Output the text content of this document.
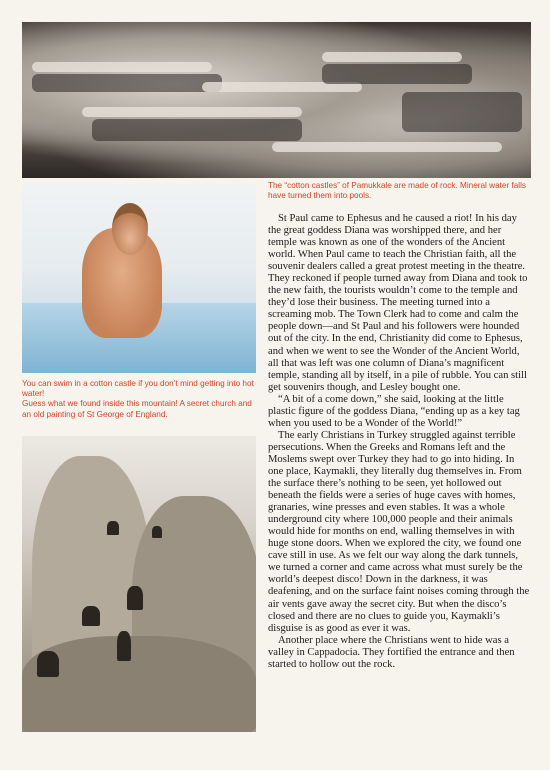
The “cotton castles” of Pamukkale are made of rock. Mineral water falls have turned them into pools.
You can swim in a cotton castle if you don’t mind getting into hot water!
Guess what we found inside this mountain! A secret church and an old painting of St George of England.

St Paul came to Ephesus and he caused a riot! In his day the great goddess Diana was worshipped there, and her temple was known as one of the wonders of the Ancient world. When Paul came to teach the Christian faith, all the souvenir dealers called a great protest meeting in the theatre. They reckoned if people turned away from Diana and took to the new faith, the tourists wouldn’t come to the temple and they’d lose their business. The meeting turned into a screaming mob. The Town Clerk had to come and calm the people down—and St Paul and his followers were hounded out of the city. In the end, Christianity did come to Ephesus, and when we went to see the Wonder of the Ancient World, all that was left was one column of Diana’s magnificent temple, standing all by itself, in a pile of rubble. You can still get souvenirs though, and Lesley bought one.

“A bit of a come down,” she said, looking at the little plastic figure of the goddess Diana, “ending up as a key tag when you used to be a Wonder of the World!”

The early Christians in Turkey struggled against terrible persecutions. When the Greeks and Romans left and the Moslems swept over Turkey they had to go into hiding. In one place, Kaymakli, they literally dug themselves in. From the surface there’s nothing to be seen, yet hollowed out beneath the fields were a series of huge caves with homes, granaries, wine presses and even stables. It was a whole underground city where 100,000 people and their animals would hide for months on end, walling themselves in with huge stone doors. When we explored the city, we found one cave still in use. As we felt our way along the dark tunnels, we turned a corner and came across what must surely be the world’s deepest disco! Down in the darkness, it was deafening, and on the surface faint noises coming through the air vents gave away the secret city. But when the disco’s closed and there are no clues to guide you, Kaymakli’s disguise is as good as ever it was.

Another place where the Christians went to hide was a valley in Cappadocia. They fortified the entrance and then started to hollow out the rock.
